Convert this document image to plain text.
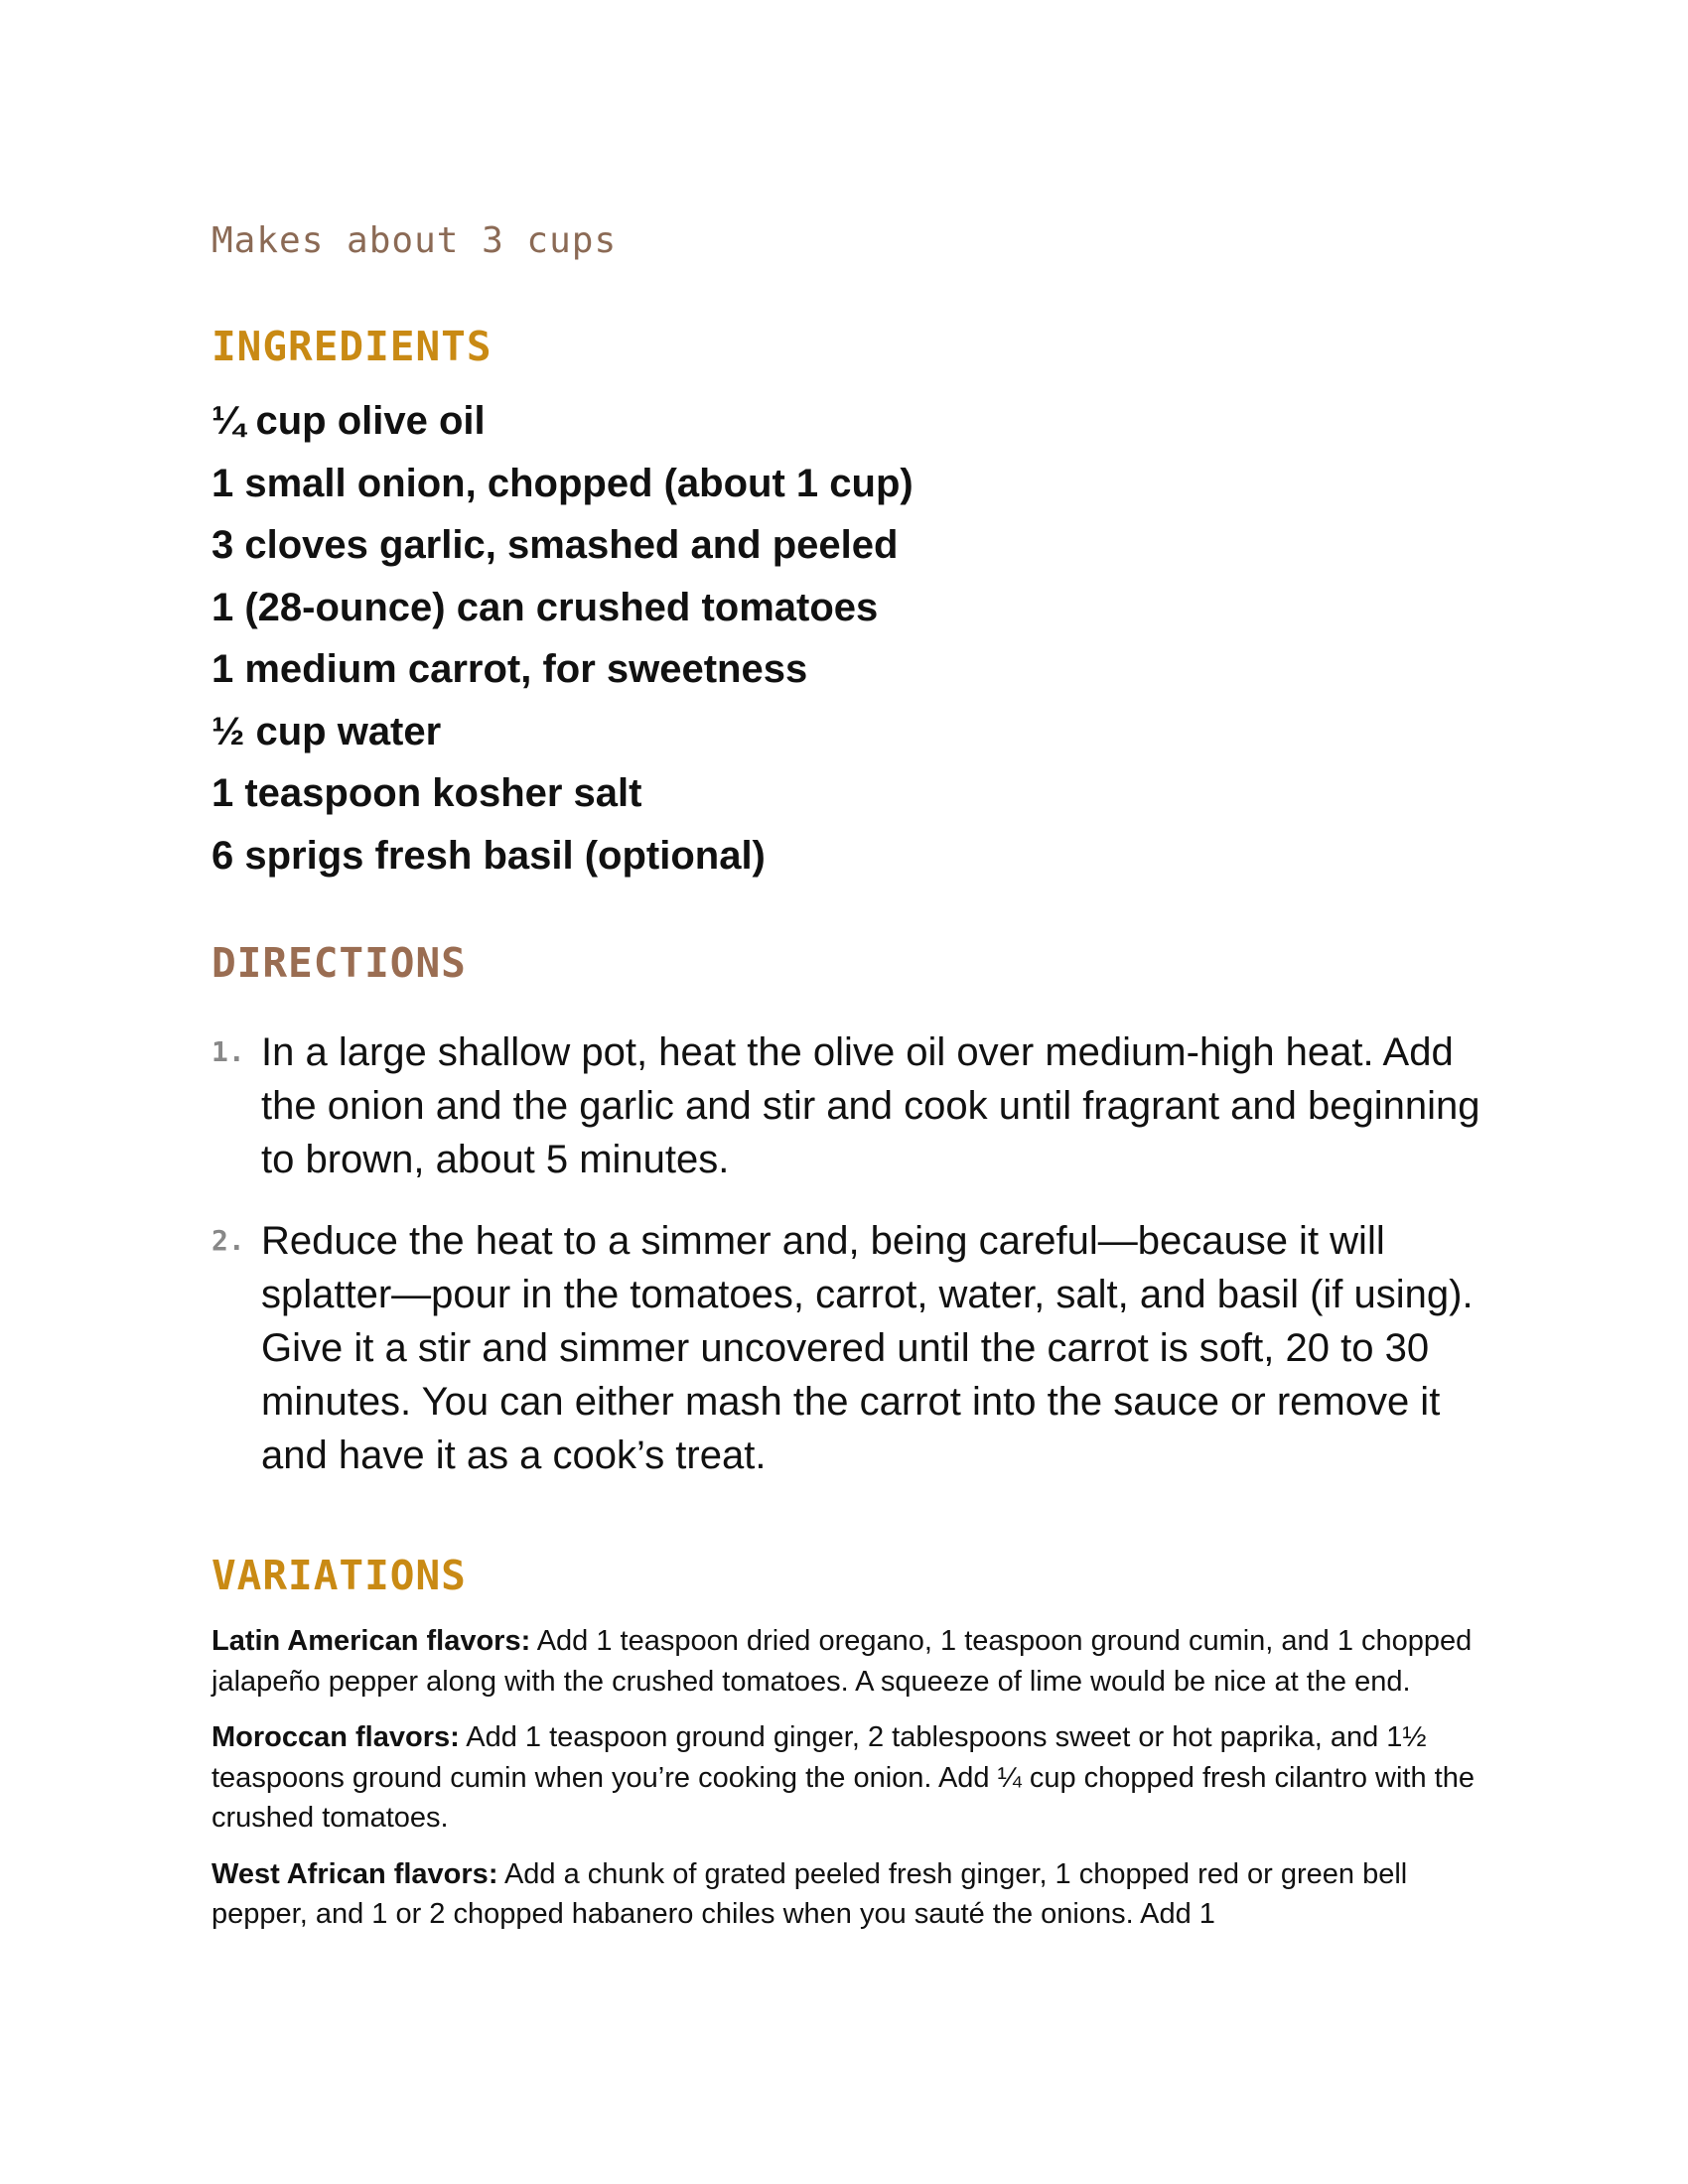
Makes about 3 cups
INGREDIENTS
¼ cup olive oil
1 small onion, chopped (about 1 cup)
3 cloves garlic, smashed and peeled
1 (28-ounce) can crushed tomatoes
1 medium carrot, for sweetness
½ cup water
1 teaspoon kosher salt
6 sprigs fresh basil (optional)
DIRECTIONS
1. In a large shallow pot, heat the olive oil over medium-high heat. Add the onion and the garlic and stir and cook until fragrant and beginning to brown, about 5 minutes.
2. Reduce the heat to a simmer and, being careful—because it will splatter—pour in the tomatoes, carrot, water, salt, and basil (if using). Give it a stir and simmer uncovered until the carrot is soft, 20 to 30 minutes. You can either mash the carrot into the sauce or remove it and have it as a cook’s treat.
VARIATIONS

Latin American flavors: Add 1 teaspoon dried oregano, 1 teaspoon ground cumin, and 1 chopped jalapeño pepper along with the crushed tomatoes. A squeeze of lime would be nice at the end.

Moroccan flavors: Add 1 teaspoon ground ginger, 2 tablespoons sweet or hot paprika, and 1½ teaspoons ground cumin when you’re cooking the onion. Add ¼ cup chopped fresh cilantro with the crushed tomatoes.

West African flavors: Add a chunk of grated peeled fresh ginger, 1 chopped red or green bell pepper, and 1 or 2 chopped habanero chiles when you sauté the onions. Add 1
